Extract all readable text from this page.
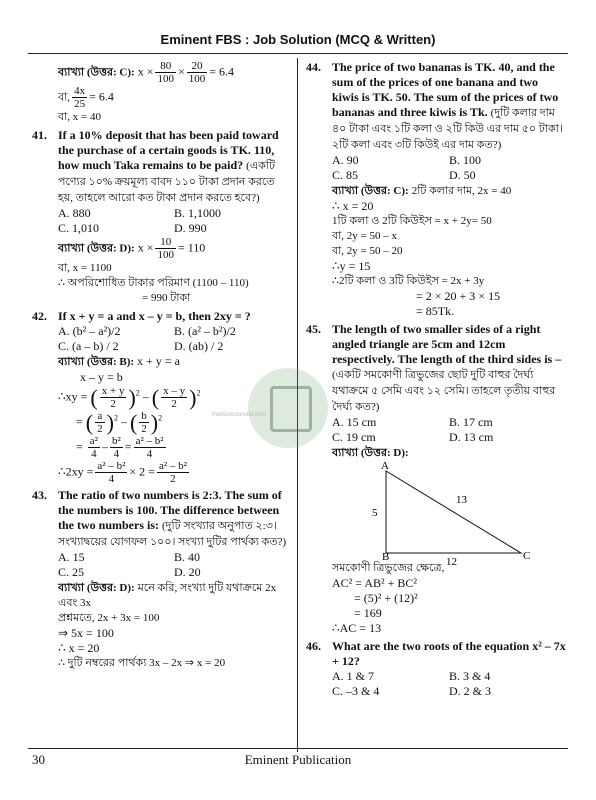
Eminent FBS : Job Solution (MCQ & Written)
thebookstorebd.com
ব্যাখ্যা (উত্তর: C): $x \times \frac{80}{100} \times \frac{20}{100} = 6.4$
বা, $\frac{4x}{25} = 6.4$
বা, x = 40
41. If a 10% deposit that has been paid toward the purchase of a certain goods is TK. 110, how much Taka remains to be paid? (একটি পণ্যের ১০% ক্রয়মূল্য বাবদ ১১০ টাকা প্রদান করতে হয়, তাহলে আরো কত টাকা প্রদান করতে হবে?)
A. 880	B. 1,1000
C. 1,010	D. 990
ব্যাখ্যা (উত্তর: D): $x \times \frac{10}{100} = 110$
বা, x = 1100
∴ অপরিশোধিত টাকার পরিমাণ (1100 – 110)
= 990 টাকা
42. If x + y = a and x – y = b, then 2xy = ?
A. (b² – a²)/2	B. (a² – b²)/2
C. (a – b) / 2	D. (ab) / 2
ব্যাখ্যা (উত্তর: B): x + y = a
x – y = b
∴xy = ( $\frac{x + y}{2} )^2$ – ( $\frac{x - y}{2} )^2$
= ( $\frac{a}{2} )^2$ – ( $\frac{b}{2} )^2$
= $\frac{\text{a²}}{4} - \frac{\text{b²}}{4} = \frac{\text{a² – b²}}{4}$
∴2xy = $\frac{\text{a² – b²}}{4} \times 2 = \frac{\text{a² – b²}}{2}$
43. The ratio of two numbers is 2:3. The sum of the numbers is 100. The difference between the two numbers is: (দুটি সংখ্যার অনুপাত ২:৩। সংখ্যাদ্বয়ের যোগফল ১০০। সংখ্যা দুটির পার্থক্য কত?)
A. 15	B. 40
C. 25	D. 20
ব্যাখ্যা (উত্তর: D): মনে করি, সংখ্যা দুটি যথাক্রমে 2x
এবং 3x
প্রশ্নমতে, 2x + 3x = 100
⇒ 5x = 100
∴ x = 20
∴ দুটি নম্বরের পার্থক্য 3x – 2x ⇒ x = 20
44. The price of two bananas is TK. 40, and the sum of the prices of one banana and two kiwis is TK. 50. The sum of the prices of two bananas and three kiwis is Tk. (দুটি কলার দাম ৪০ টাকা এবং ১টি কলা ও ২টি কিউ এর দাম ৫০ টাকা। ২টি কলা এবং ৩টি কিউই এর দাম কত?)
A. 90	B. 100
C. 85	D. 50
ব্যাখ্যা (উত্তর: C): 2টি কলার দাম, 2x = 40
∴ x = 20
1টি কলা ও 2টি কিউইস = x + 2y= 50
বা, 2y = 50 – x
বা, 2y = 50 – 20
∴y = 15
∴2টি কলা ও 3টি কিউইস = 2x + 3y
= 2 × 20 + 3 × 15
= 85Tk.
45. The length of two smaller sides of a right angled triangle are 5cm and 12cm respectively. The length of the third sides is – (একটি সমকোণী ত্রিভুজের ছোট দুটি বাহুর দৈর্ঘ্য যথাক্রমে ৫ সেমি এবং ১২ সেমি। তাহলে তৃতীয় বাহুর দৈর্ঘ্য কত?)
A. 15 cm	B. 17 cm
C. 19 cm	D. 13 cm
ব্যাখ্যা (উত্তর: D):
A
B	C
5
12
13
সমকোণী ত্রিভুজের ক্ষেত্রে,
AC² = AB² + BC²
= (5)² + (12)²
= 169
∴AC = 13
46. What are the two roots of the equation x² – 7x + 12?
A. 1 & 7	B. 3 & 4
C. –3 & 4	D. 2 & 3
30	Eminent Publication
